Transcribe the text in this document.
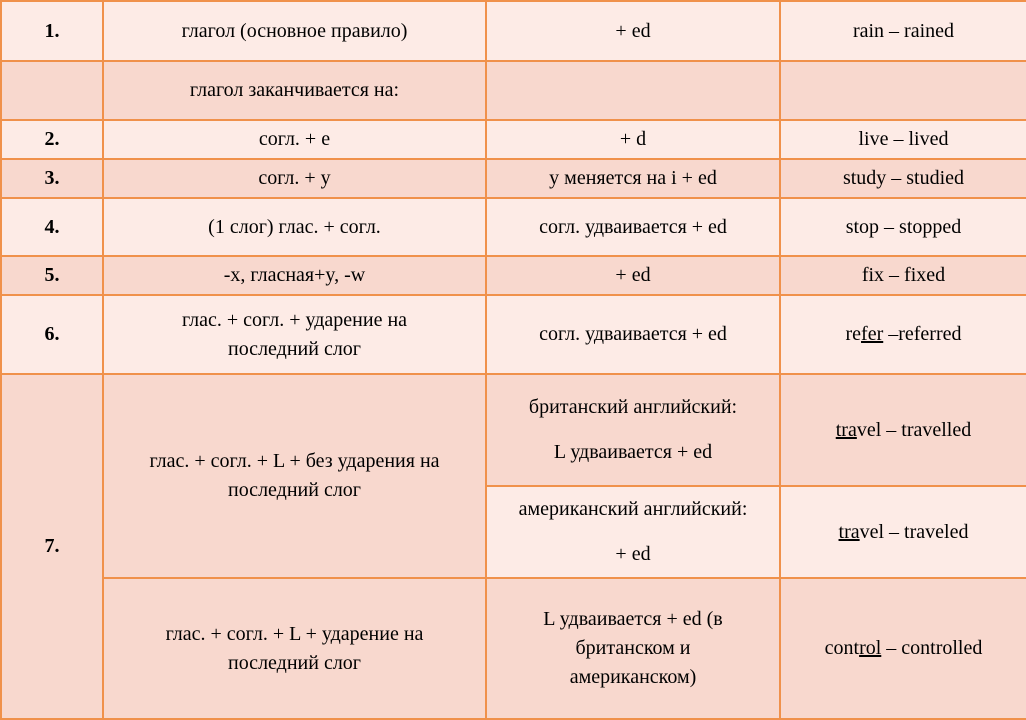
1.	глагол (основное правило)	+ ed	rain – rained
	глагол заканчивается на:		
2.	согл. + е	+ d	live – lived
3.	согл. + у	у меняется на i + ed	study – studied
4.	(1 слог) глас. + согл.	согл. удваивается + ed	stop – stopped
5.	-x, гласная+y, -w	+ ed	fix – fixed
6.	глас. + согл. + ударение на
последний слог	согл. удваивается + ed	refer –referred
7.	глас. + согл. + L + без ударения на
последний слог	британский английский:
L удваивается + ed	travel – travelled

		американский английский:
+ ed	travel – traveled

	глас. + согл. + L + ударение на
последний слог	L удваивается + ed (в
британском и
американском)	control – controlled
